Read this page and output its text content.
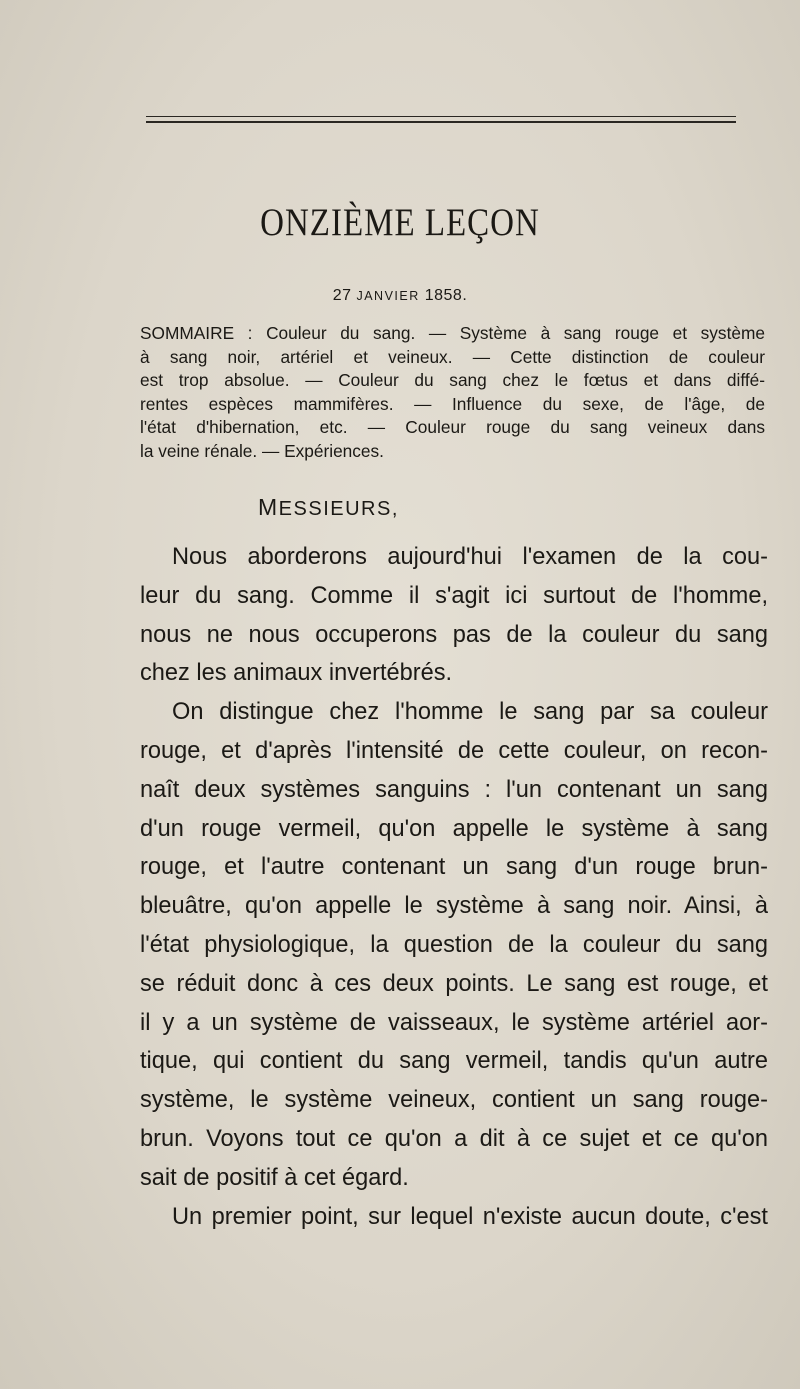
ONZIÈME LEÇON
27 JANVIER 1858.
SOMMAIRE : Couleur du sang. — Système à sang rouge et système
à sang noir, artériel et veineux. — Cette distinction de couleur
est trop absolue. — Couleur du sang chez le fœtus et dans diffé-
rentes espèces mammifères. — Influence du sexe, de l'âge, de
l'état d'hibernation, etc. — Couleur rouge du sang veineux dans
la veine rénale. — Expériences.
MESSIEURS,
Nous aborderons aujourd'hui l'examen de la cou-
leur du sang. Comme il s'agit ici surtout de l'homme,
nous ne nous occuperons pas de la couleur du sang
chez les animaux invertébrés.
On distingue chez l'homme le sang par sa couleur
rouge, et d'après l'intensité de cette couleur, on recon-
naît deux systèmes sanguins : l'un contenant un sang
d'un rouge vermeil, qu'on appelle le système à sang
rouge, et l'autre contenant un sang d'un rouge brun-
bleuâtre, qu'on appelle le système à sang noir. Ainsi, à
l'état physiologique, la question de la couleur du sang
se réduit donc à ces deux points. Le sang est rouge, et
il y a un système de vaisseaux, le système artériel aor-
tique, qui contient du sang vermeil, tandis qu'un autre
système, le système veineux, contient un sang rouge-
brun. Voyons tout ce qu'on a dit à ce sujet et ce qu'on
sait de positif à cet égard.
Un premier point, sur lequel n'existe aucun doute, c'est
